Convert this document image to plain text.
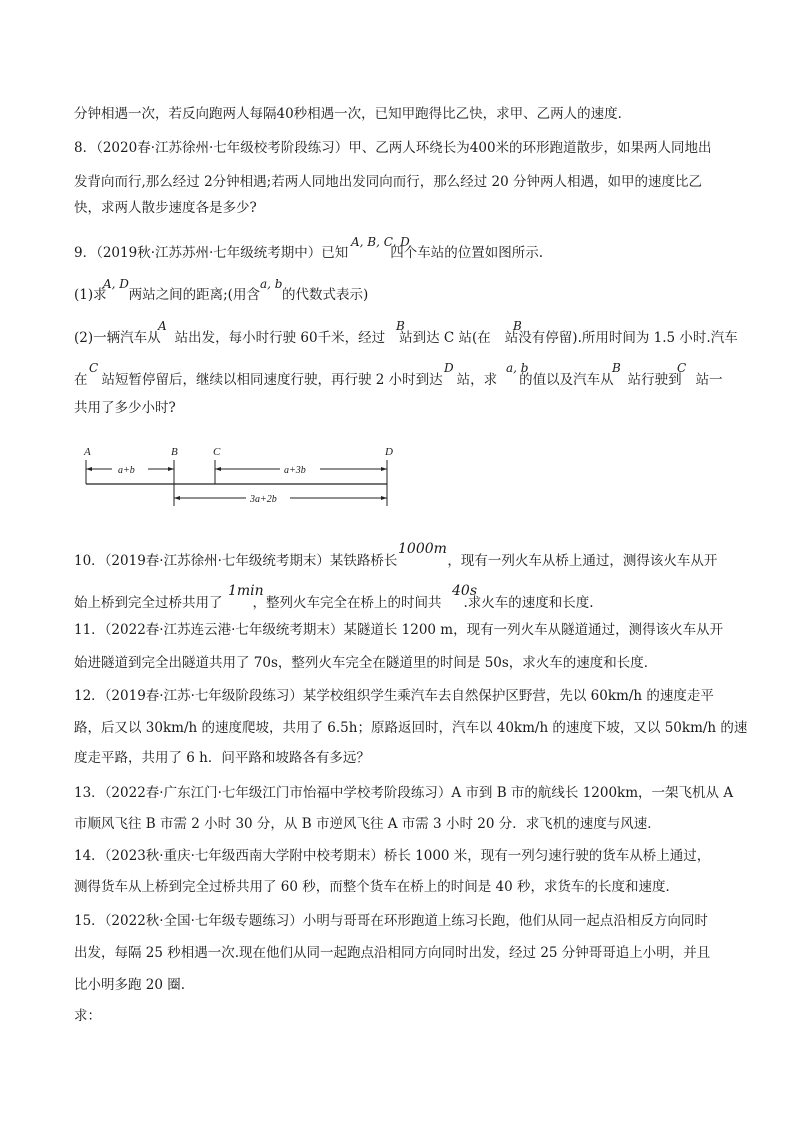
分钟相遇一次，若反向跑两人每隔40秒相遇一次，已知甲跑得比乙快，求甲、乙两人的速度．
8．（2020春·江苏徐州·七年级校考阶段练习）甲、乙两人环绕长为400米的环形跑道散步，如果两人同地出
发背向而行,那么经过 2分钟相遇;若两人同地出发同向而行，那么经过 20 分钟两人相遇，如甲的速度比乙
快，求两人散步速度各是多少?
9．（2019秋·江苏苏州·七年级统考期中）已知	四个车站的位置如图所示.
A, B, C, D
(1)求 两站之间的距离;(用含 的代数式表示)
A, D	a, b
(2)一辆汽车从 站出发，每小时行驶 60千米，经过 站到达 C 站(在 站没有停留).所用时间为 1.5 小时.汽车
A	B	B
在 站短暂停留后，继续以相同速度行驶，再行驶 2 小时到达 站，求 的值以及汽车从 站行驶到 站一
C	D	a, b	B	C
共用了多少小时?
A	B	C	D
a+b	a+3b
3a+2b
10．（2019春·江苏徐州·七年级统考期末）某铁路桥长	，现有一列火车从桥上通过，测得该火车从开
1000m
始上桥到完全过桥共用了 ，整列火车完全在桥上的时间共 .求火车的速度和长度.
1min	40s
11．（2022春·江苏连云港·七年级统考期末）某隧道长 1200 m，现有一列火车从隧道通过，测得该火车从开
始进隧道到完全出隧道共用了 70s，整列火车完全在隧道里的时间是 50s，求火车的速度和长度．
12．（2019春·江苏·七年级阶段练习）某学校组织学生乘汽车去自然保护区野营，先以 60km/h 的速度走平
路，后又以 30km/h 的速度爬坡，共用了 6.5h；原路返回时，汽车以 40km/h 的速度下坡，又以 50km/h 的速
度走平路，共用了 6 h．问平路和坡路各有多远？
13．（2022春·广东江门·七年级江门市怡福中学校考阶段练习）A 市到 B 市的航线长 1200km，一架飞机从 A
市顺风飞往 B 市需 2 小时 30 分，从 B 市逆风飞往 A 市需 3 小时 20 分．求飞机的速度与风速．
14．（2023秋·重庆·七年级西南大学附中校考期末）桥长 1000 米，现有一列匀速行驶的货车从桥上通过，
测得货车从上桥到完全过桥共用了 60 秒，而整个货车在桥上的时间是 40 秒，求货车的长度和速度．
15．（2022秋·全国·七年级专题练习）小明与哥哥在环形跑道上练习长跑，他们从同一起点沿相反方向同时
出发，每隔 25 秒相遇一次.现在他们从同一起跑点沿相同方向同时出发，经过 25 分钟哥哥追上小明，并且
比小明多跑 20 圈.
求：
